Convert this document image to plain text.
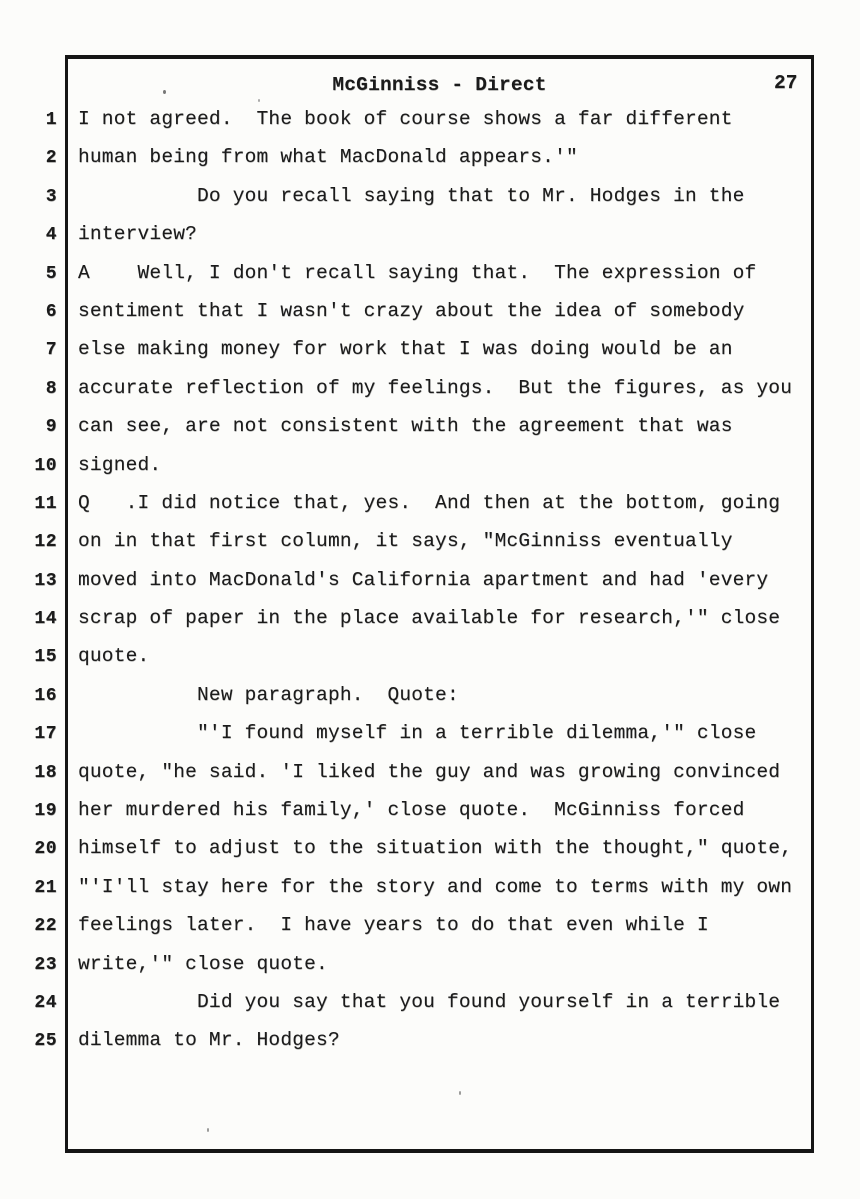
McGinniss - Direct	27
1 I not agreed.  The book of course shows a far different
2 human being from what MacDonald appears.'"
3 Do you recall saying that to Mr. Hodges in the
4 interview?
5 A    Well, I don't recall saying that.  The expression of
6 sentiment that I wasn't crazy about the idea of somebody
7 else making money for work that I was doing would be an
8 accurate reflection of my feelings.  But the figures, as you
9 can see, are not consistent with the agreement that was
10 signed.
11 Q   .I did notice that, yes.  And then at the bottom, going
12 on in that first column, it says, "McGinniss eventually
13 moved into MacDonald's California apartment and had 'every
14 scrap of paper in the place available for research,'" close
15 quote.
16 New paragraph.  Quote:
17 "'I found myself in a terrible dilemma,'" close
18 quote, "he said. 'I liked the guy and was growing convinced
19 her murdered his family,' close quote.  McGinniss forced
20 himself to adjust to the situation with the thought," quote,
21 "'I'll stay here for the story and come to terms with my own
22 feelings later.  I have years to do that even while I
23 write,'" close quote.
24 Did you say that you found yourself in a terrible
25 dilemma to Mr. Hodges?
